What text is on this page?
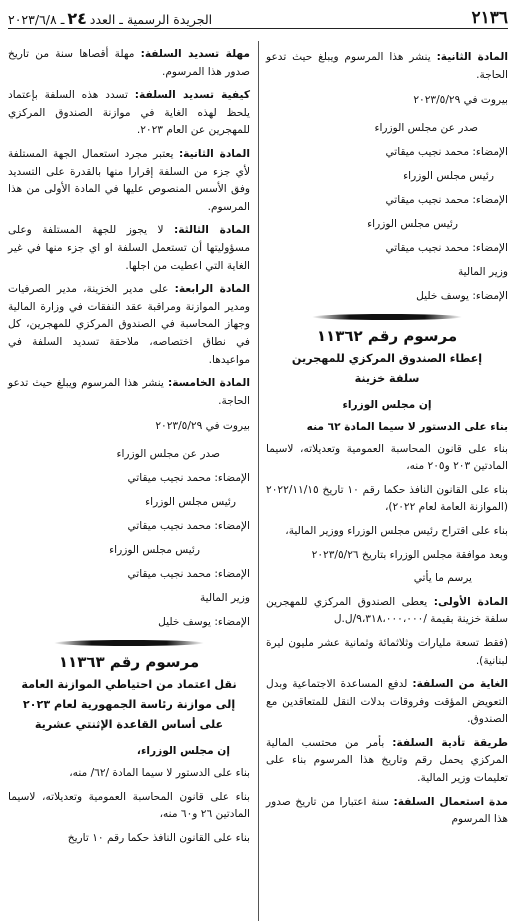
٢١٣٦
الجريدة الرسمية ـ العدد٢٤ـ ٢٠٢٣/٦/٨

المادة الثانية: ينشر هذا المرسوم ويبلغ حيث تدعو الحاجة.

بيروت في ٢٠٢٣/٥/٢٩

صدر عن مجلس الوزراء

الإمضاء: محمد نجيب ميقاتي

رئيس مجلس الوزراء

الإمضاء: محمد نجيب ميقاتي

رئيس مجلس الوزراء

الإمضاء: محمد نجيب ميقاتي

وزير المالية

الإمضاء: يوسف خليل

مرسوم رقم ١١٣٦٢
إعطاء الصندوق المركزي للمهجرين
سلفة خزينة

إن مجلس الوزراء

بناء على الدستور لا سيما المادة ٦٢ منه

بناء على قانون المحاسبة العمومية وتعديلاته، لاسيما المادتين ٢٠٣ و٢٠٥ منه،

بناء على القانون النافذ حكما رقم ١٠ تاريخ ٢٠٢٢/١١/١٥ (الموازنة العامة لعام ٢٠٢٢)،

بناء على اقتراح رئيس مجلس الوزراء ووزير المالية،

وبعد موافقة مجلس الوزراء بتاريخ ٢٠٢٣/٥/٢٦

يرسم ما يأتي

المادة الأولى: يعطى الصندوق المركزي للمهجرين سلفة خزينة بقيمة /٩،٣١٨،٠٠٠،٠٠٠/ل.ل

(فقط تسعة مليارات وثلاثمائة وثمانية عشر مليون ليرة لبنانية).

الغاية من السلفة: لدفع المساعدة الاجتماعية وبدل التعويض المؤقت وفروقات بدلات النقل للمتعاقدين مع الصندوق.

طريقة تأدية السلفة: بأمر من محتسب المالية المركزي يحمل رقم وتاريخ هذا المرسوم بناء على تعليمات وزير المالية.

مدة استعمال السلفة: سنة اعتبارا من تاريخ صدور هذا المرسوم

مهلة تسديد السلفة: مهلة أقصاها سنة من تاريخ صدور هذا المرسوم.

كيفية تسديد السلفة: تسدد هذه السلفة بإعتماد يلحظ لهذه الغاية في موازنة الصندوق المركزي للمهجرين عن العام ٢٠٢٣.

المادة الثانية: يعتبر مجرد استعمال الجهة المستلفة لأي جزء من السلفة إقرارا منها بالقدرة على التسديد وفق الأسس المنصوص عليها في المادة الأولى من هذا المرسوم.

المادة الثالثة: لا يجوز للجهة المستلفة وعلى مسؤوليتها أن تستعمل السلفة او اي جزء منها في غير الغاية التي اعطيت من اجلها.

المادة الرابعة: على مدير الخزينة، مدير الصرفيات ومدير الموازنة ومراقبة عقد النفقات في وزارة المالية وجهاز المحاسبة في الصندوق المركزي للمهجرين، كل في نطاق اختصاصه، ملاحقة تسديد السلفة في مواعيدها.

المادة الخامسة: ينشر هذا المرسوم ويبلغ حيث تدعو الحاجة.

بيروت في ٢٠٢٣/٥/٢٩

صدر عن مجلس الوزراء

الإمضاء: محمد نجيب ميقاتي

رئيس مجلس الوزراء

الإمضاء: محمد نجيب ميقاتي

رئيس مجلس الوزراء

الإمضاء: محمد نجيب ميقاتي

وزير المالية

الإمضاء: يوسف خليل

مرسوم رقم ١١٣٦٣
نقل اعتماد من احتياطي الموازنة العامة
إلى موازنة رئاسة الجمهورية لعام ٢٠٢٣
على أساس القاعدة الإثنتي عشرية

إن مجلس الوزراء،

بناء على الدستور لا سيما المادة /٦٢/ منه،

بناء على قانون المحاسبة العمومية وتعديلاته، لاسيما المادتين ٢٦ و٦٠ منه،

بناء على القانون النافذ حكما رقم ١٠ تاريخ
